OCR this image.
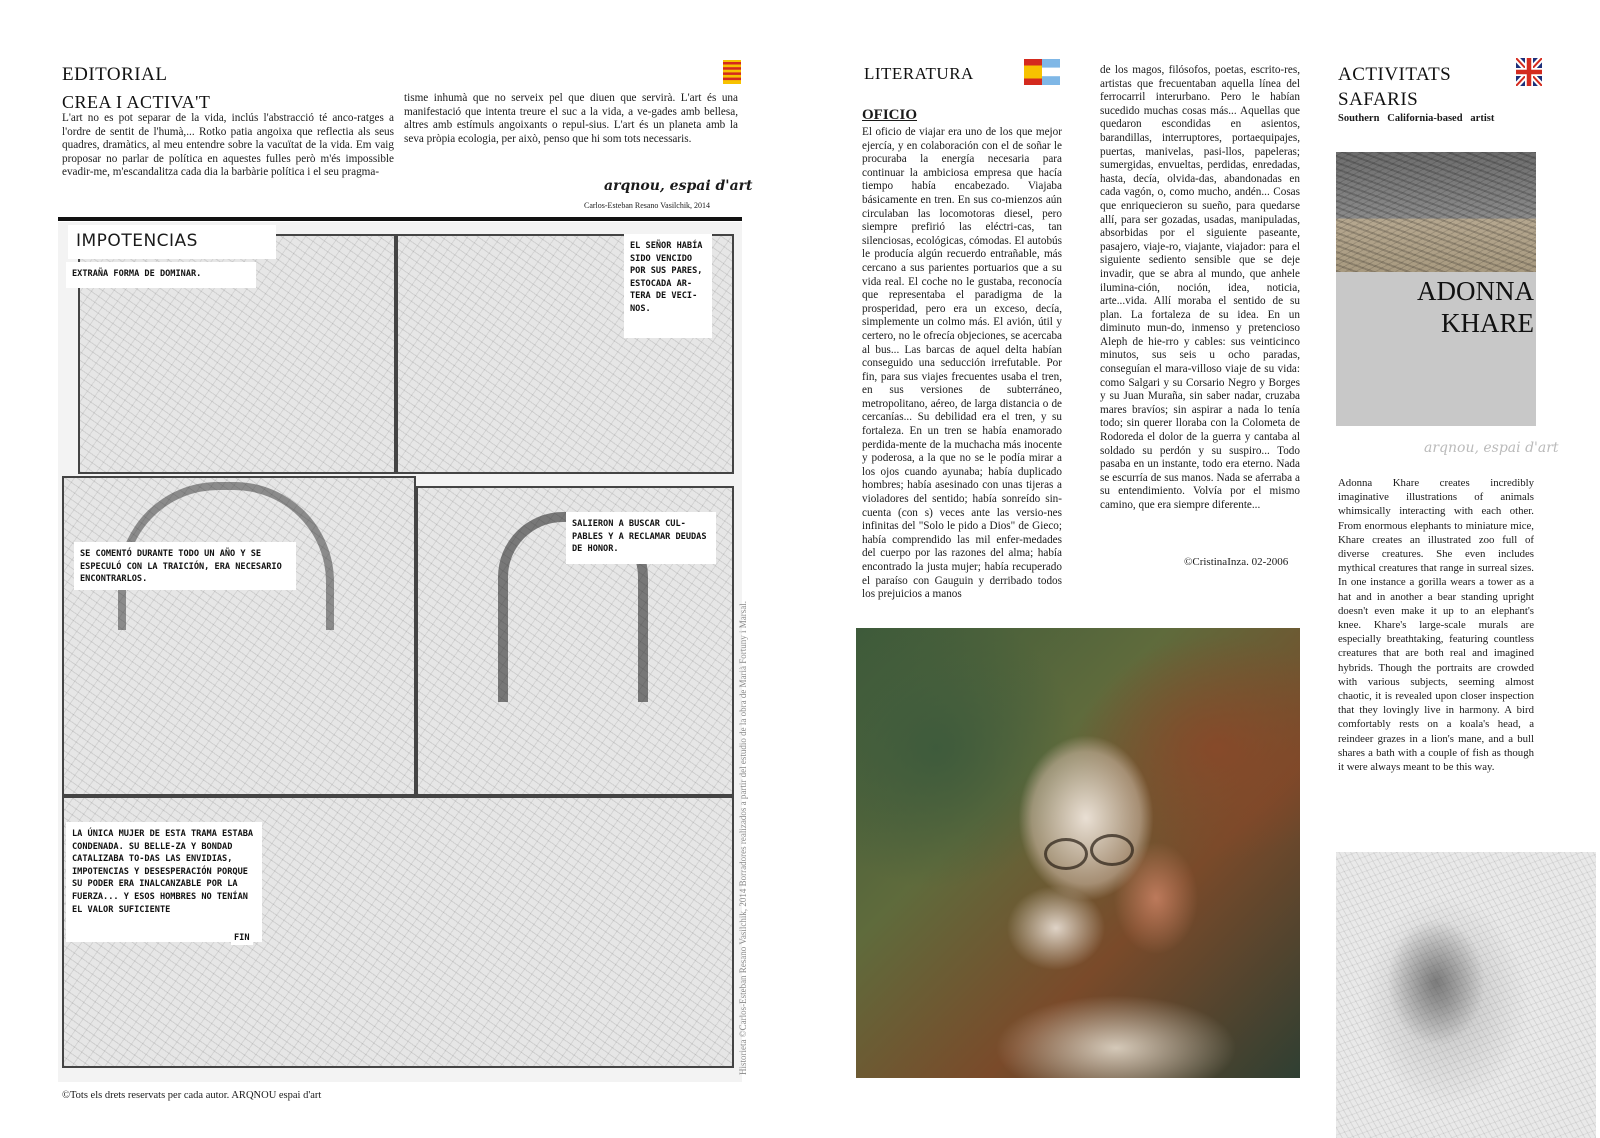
EDITORIAL
CREA I ACTIVA'T
L'art no es pot separar de la vida, inclús l'abstracció té anco-ratges a l'ordre de sentit de l'humà,... Rotko patia angoixa que reflectia als seus quadres, dramàtics, al meu entendre sobre la vacuïtat de la vida. Em vaig proposar no parlar de política en aquestes fulles però m'és impossible evadir-me, m'escandalitza cada dia la barbàrie política i el seu pragma-
tisme inhumà que no serveix pel que diuen que servirà. L'art és una manifestació que intenta treure el suc a la vida, a ve-gades amb bellesa, altres amb estímuls angoixants o repul-sius. L'art és un planeta amb la seva pròpia ecologia, per això, penso que hi som tots necessaris.
arqnou, espai d'art
Carlos-Esteban Resano Vasilchik, 2014
IMPOTENCIAS
EXTRAÑA FORMA DE DOMINAR.
EL SEÑOR HABÍA SIDO VENCIDO POR SUS PARES, ESTOCADA AR-TERA DE VECI-NOS.
SE COMENTÓ DURANTE TODO UN AÑO Y SE ESPECULÓ CON LA TRAICIÓN, ERA NECESARIO ENCONTRARLOS.
SALIERON A BUSCAR CUL-PABLES Y A RECLAMAR DEUDAS DE HONOR.
LA ÚNICA MUJER DE ESTA TRAMA ESTABA CONDENADA. SU BELLE-ZA Y BONDAD CATALIZABA TO-DAS LAS ENVIDIAS, IMPOTENCIAS Y DESESPERACIÓN PORQUE SU PODER ERA INALCANZABLE POR LA FUERZA... Y ESOS HOMBRES NO TENÍAN EL VALOR SUFICIENTE
FIN	Historieta ©Carlos-Esteban Resano Vasilchik, 2014 Borradores realizados a partir del estudio de la obra de Marià Fortuny i Marsal.
©Tots els drets reservats per cada autor. ARQNOU espai d'art
LITERATURA
OFICIO
El oficio de viajar era uno de los que mejor ejercía, y en colaboración con el de soñar le procuraba la energía necesaria para continuar la ambiciosa empresa que hacía tiempo había encabezado. Viajaba básicamente en tren. En sus co-mienzos aún circulaban las locomotoras diesel, pero siempre prefirió las eléctri-cas, tan silenciosas, ecológicas, cómodas. El autobús le producía algún recuerdo entrañable, más cercano a sus parientes portuarios que a su vida real. El coche no le gustaba, reconocía que representaba el paradigma de la prosperidad, pero era un exceso, decía, simplemente un colmo más. El avión, útil y certero, no le ofrecía objeciones, se acercaba al bus... Las barcas de aquel delta habían conseguido una seducción irrefutable. Por fin, para sus viajes frecuentes usaba el tren, en sus versiones de subterráneo, metropolitano, aéreo, de larga distancia o de cercanías... Su debilidad era el tren, y su fortaleza. En un tren se había enamorado perdida-mente de la muchacha más inocente y poderosa, a la que no se le podía mirar a los ojos cuando ayunaba; había duplicado hombres; había asesinado con unas tijeras a violadores del sentido; había sonreído sin-cuenta (con s) veces ante las versio-nes infinitas del "Solo le pido a Dios" de Gieco; había comprendido las mil enfer-medades del cuerpo por las razones del alma; había encontrado la justa mujer; había recuperado el paraíso con Gauguin y derribado todos los prejuicios a manos
de los magos, filósofos, poetas, escrito-res, artistas que frecuentaban aquella línea del ferrocarril interurbano. Pero le habían sucedido muchas cosas más... Aquellas que quedaron escondidas en asientos, barandillas, interruptores, portaequipajes, puertas, manivelas, pasi-llos, papeleras; sumergidas, envueltas, perdidas, enredadas, hasta, decía, olvida-das, abandonadas en cada vagón, o, como mucho, andén... Cosas que enriquecieron su sueño, para quedarse allí, para ser gozadas, usadas, manipuladas, absorbidas por el siguiente paseante, pasajero, viaje-ro, viajante, viajador: para el siguiente sediento sensible que se deje invadir, que se abra al mundo, que anhele ilumina-ción, noción, idea, noticia, arte...vida. Allí moraba el sentido de su plan. La fortaleza de su idea. En un diminuto mun-do, inmenso y pretencioso Aleph de hie-rro y cables: sus veinticinco minutos, sus seis u ocho paradas, conseguían el mara-villoso viaje de su vida: como Salgari y su Corsario Negro y Borges y su Juan Muraña, sin saber nadar, cruzaba mares bravíos; sin aspirar a nada lo tenía todo; sin querer lloraba con la Colometa de Rodoreda el dolor de la guerra y cantaba al soldado su perdón y su suspiro... Todo pasaba en un instante, todo era eterno. Nada se escurría de sus manos. Nada se aferraba a su entendimiento. Volvía por el mismo camino, que era siempre diferente...
©CristinaInza. 02-2006
ACTIVITATS
SAFARIS
Southern   California-based   artist
ADONNA
KHARE
arqnou, espai d'art
Adonna Khare creates incredibly imaginative illustrations of animals whimsically interacting with each other. From enormous elephants to miniature mice, Khare creates an illustrated zoo full of diverse creatures. She even includes mythical creatures that range in surreal sizes. In one instance a gorilla wears a tower as a hat and in another a bear standing upright doesn't even make it up to an elephant's knee. Khare's large-scale murals are especially breathtaking, featuring countless creatures that are both real and imagined hybrids. Though the portraits are crowded with various subjects, seeming almost chaotic, it is revealed upon closer inspection that they lovingly live in harmony. A bird comfortably rests on a koala's head, a reindeer grazes in a lion's mane, and a bull shares a bath with a couple of fish as though it were always meant to be this way.
